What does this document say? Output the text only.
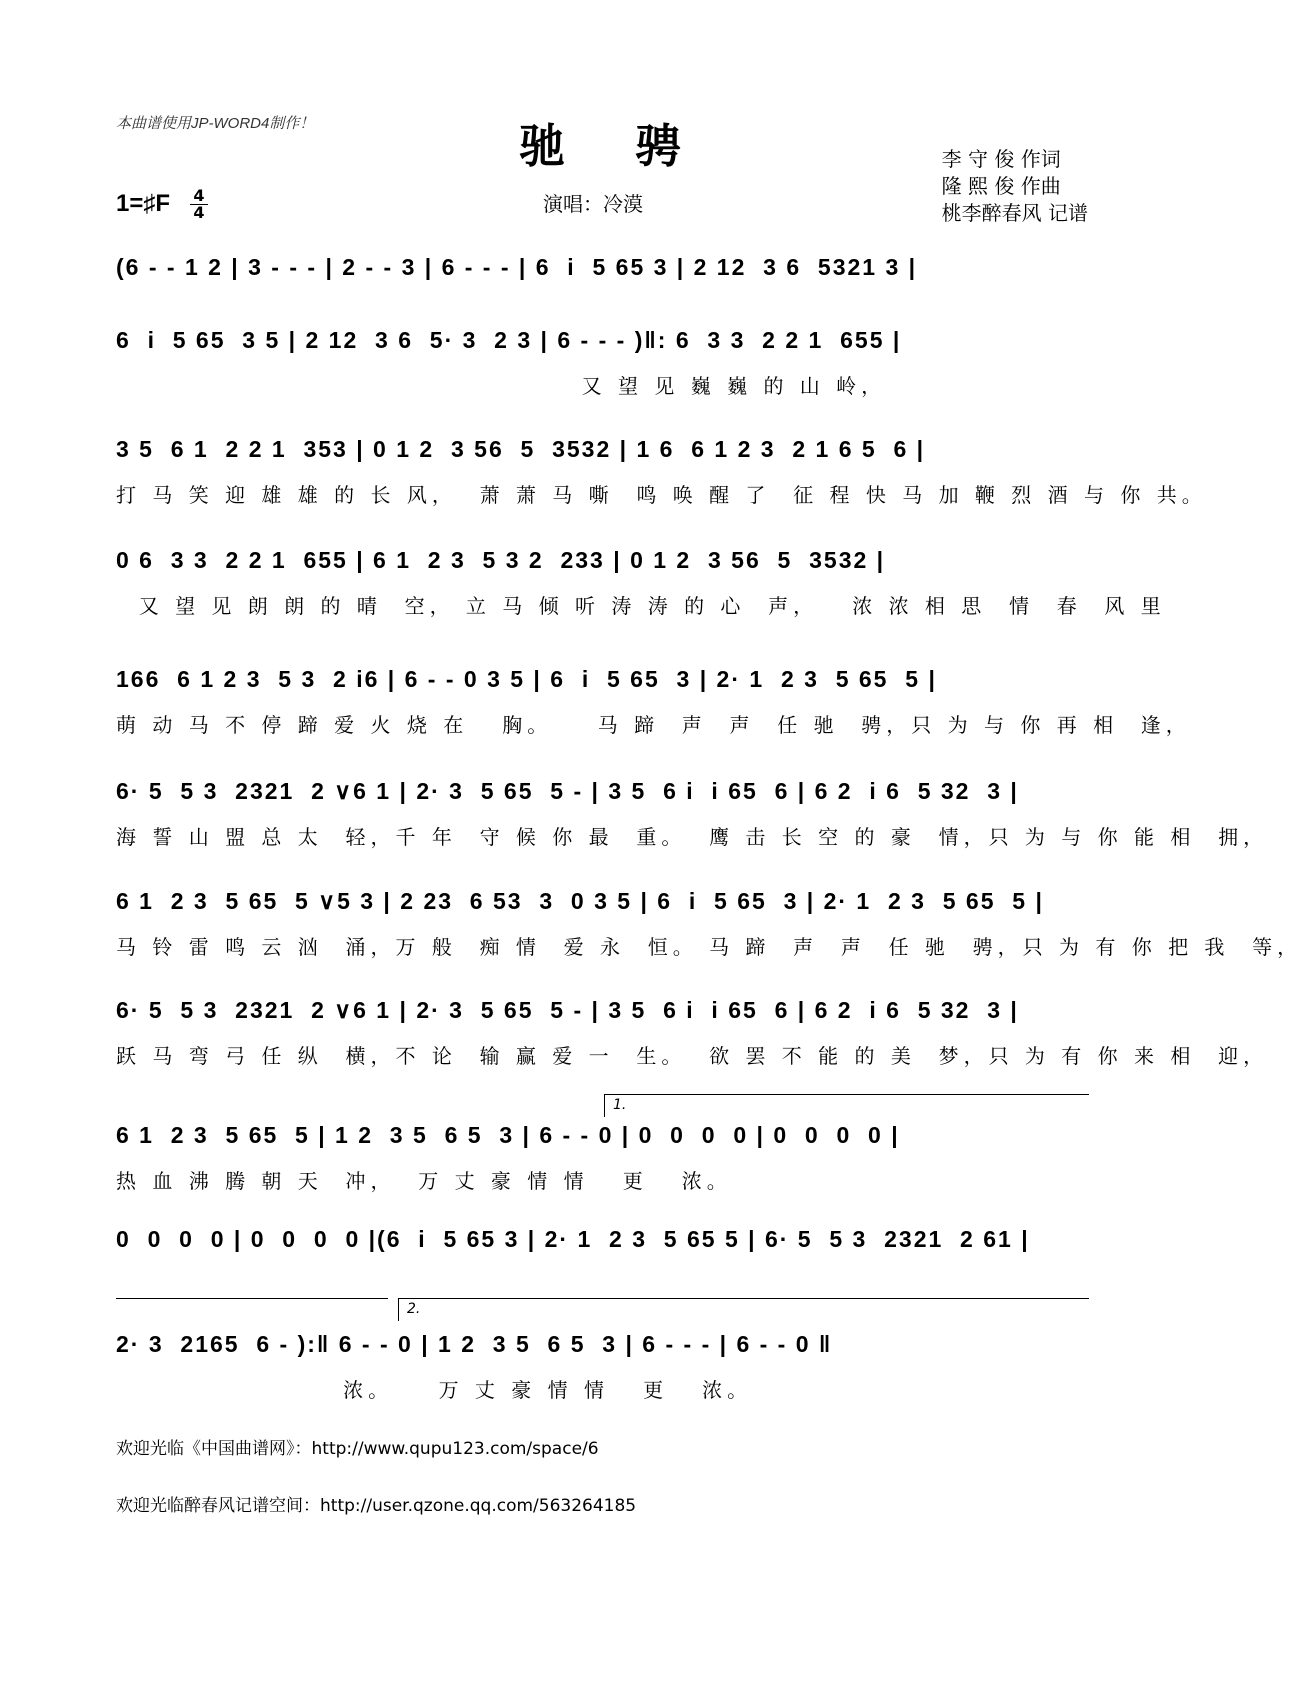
本曲谱使用JP-WORD4制作！	驰骋	李 守 俊 作词
隆 熙 俊 作曲
桃李醉春风 记谱
1=♯F 4
4	演唱：冷漠
(6 - - 1 2 | 3 - - - | 2 - - 3 | 6 - - - | 6  i  5 65 3 | 2 12  3 6  5321 3 |
6  i  5 65  3 5 | 2 12  3 6  5· 3  2 3 | 6 - - - )‖: 6  3 3  2 2 1  655 |
又 望 见 巍 巍 的 山 岭，
3 5  6 1  2 2 1  353 | 0 1 2  3 56  5  3532 | 1 6  6 1 2 3  2 1 6 5  6 |
打 马 笑 迎 雄 雄 的 长 风，  萧 萧 马 嘶  鸣 唤 醒 了  征 程 快 马 加 鞭 烈 酒 与 你 共。
0 6  3 3  2 2 1  655 | 6 1  2 3  5 3 2  233 | 0 1 2  3 56  5  3532 |
又 望 见 朗 朗 的 晴  空， 立 马 倾 听 涛 涛 的 心  声，   浓 浓 相 思  情  春  风 里
166  6 1 2 3  5 3  2 i6 | 6 - - 0 3 5 | 6  i  5 65  3 | 2· 1  2 3  5 65  5 |
萌 动 马 不 停 蹄 爱 火 烧 在   胸。    马 蹄  声  声  任 驰  骋，只 为 与 你 再 相  逢，
6· 5  5 3  2321  2 ∨6 1 | 2· 3  5 65  5 - | 3 5  6 i  i 65  6 | 6 2  i 6  5 32  3 |
海 誓 山 盟 总 太  轻，千 年  守 候 你 最  重。  鹰 击 长 空 的 豪  情，只 为 与 你 能 相  拥，
6 1  2 3  5 65  5 ∨5 3 | 2 23  6 53  3  0 3 5 | 6  i  5 65  3 | 2· 1  2 3  5 65  5 |
马 铃 雷 鸣 云 汹  涌，万 般  痴 情  爱 永  恒。 马 蹄  声  声  任 驰  骋，只 为 有 你 把 我  等，
6· 5  5 3  2321  2 ∨6 1 | 2· 3  5 65  5 - | 3 5  6 i  i 65  6 | 6 2  i 6  5 32  3 |
跃 马 弯 弓 任 纵  横，不 论  输 赢 爱 一  生。  欲 罢 不 能 的 美  梦，只 为 有 你 来 相  迎，
1.
6 1  2 3  5 65  5 | 1 2  3 5  6 5  3 | 6 - - 0 | 0  0  0  0 | 0  0  0  0 |
热 血 沸 腾 朝 天  冲，  万 丈 豪 情 情   更   浓。
0  0  0  0 | 0  0  0  0 |(6  i  5 65 3 | 2· 1  2 3  5 65 5 | 6· 5  5 3  2321  2 61 |
2.
2· 3  2165  6 - ):‖ 6 - - 0 | 1 2  3 5  6 5  3 | 6 - - - | 6 - - 0 ‖
浓。    万 丈 豪 情 情   更   浓。
欢迎光临《中国曲谱网》：http://www.qupu123.com/space/6
欢迎光临醉春风记谱空间：http://user.qzone.qq.com/563264185
